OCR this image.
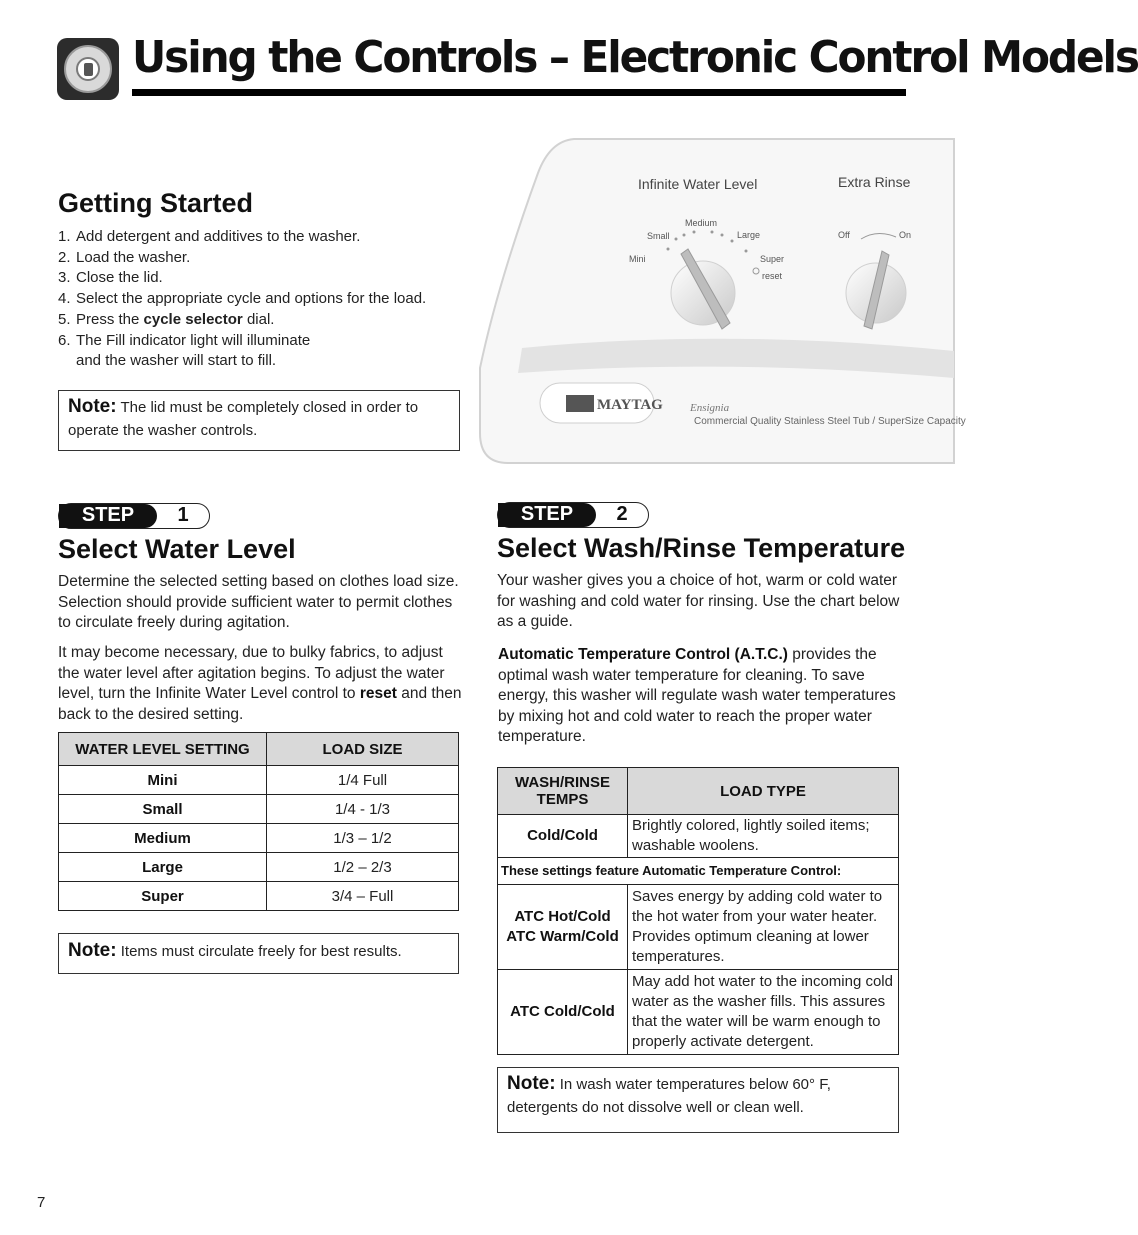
Using the Controls – Electronic Control Models
Getting Started
1. Add detergent and additives to the washer.
2. Load the washer.
3. Close the lid.
4. Select the appropriate cycle and options for the load.
5. Press the cycle selector dial.
6. The Fill indicator light will illuminate
and the washer will start to fill.
Note: The lid must be completely closed in order to operate the washer controls.
MAYTAG Ensignia
Commercial Quality Stainless Steel Tub / SuperSize Capacity
Infinite Water Level	Extra Rinse
Medium
Small	Large
Mini	Super
reset
Off	On
STEP	1
Select Water Level

Determine the selected setting based on clothes load size. Selection should provide sufficient water to permit clothes to circulate freely during agitation.

It may become necessary, due to bulky fabrics, to adjust the water level after agitation begins. To adjust the water level, turn the Infinite Water Level control to reset and then back to the desired setting.

WATER LEVEL SETTING	LOAD SIZE
Mini	1/4 Full
Small	1/4 - 1/3
Medium	1/3 – 1/2
Large	1/2 – 2/3
Super	3/4 – Full
Note: Items must circulate freely for best results.
STEP	2
Select Wash/Rinse Temperature

Your washer gives you a choice of hot, warm or cold water for washing and cold water for rinsing. Use the chart below as a guide.

Automatic Temperature Control (A.T.C.) provides the optimal wash water temperature for cleaning. To save energy, this washer will regulate wash water temperatures by mixing hot and cold water to reach the proper water temperature.

WASH/RINSE TEMPS	LOAD TYPE
Cold/Cold	Brightly colored, lightly soiled items; washable woolens.
These settings feature Automatic Temperature Control:	
ATC Hot/Cold
ATC Warm/Cold	Saves energy by adding cold water to the hot water from your water heater. Provides optimum cleaning at lower temperatures.
ATC Cold/Cold	May add hot water to the incoming cold water as the washer fills. This assures that the water will be warm enough to properly activate detergent.
Note: In wash water temperatures below 60° F, detergents do not dissolve well or clean well.
7
